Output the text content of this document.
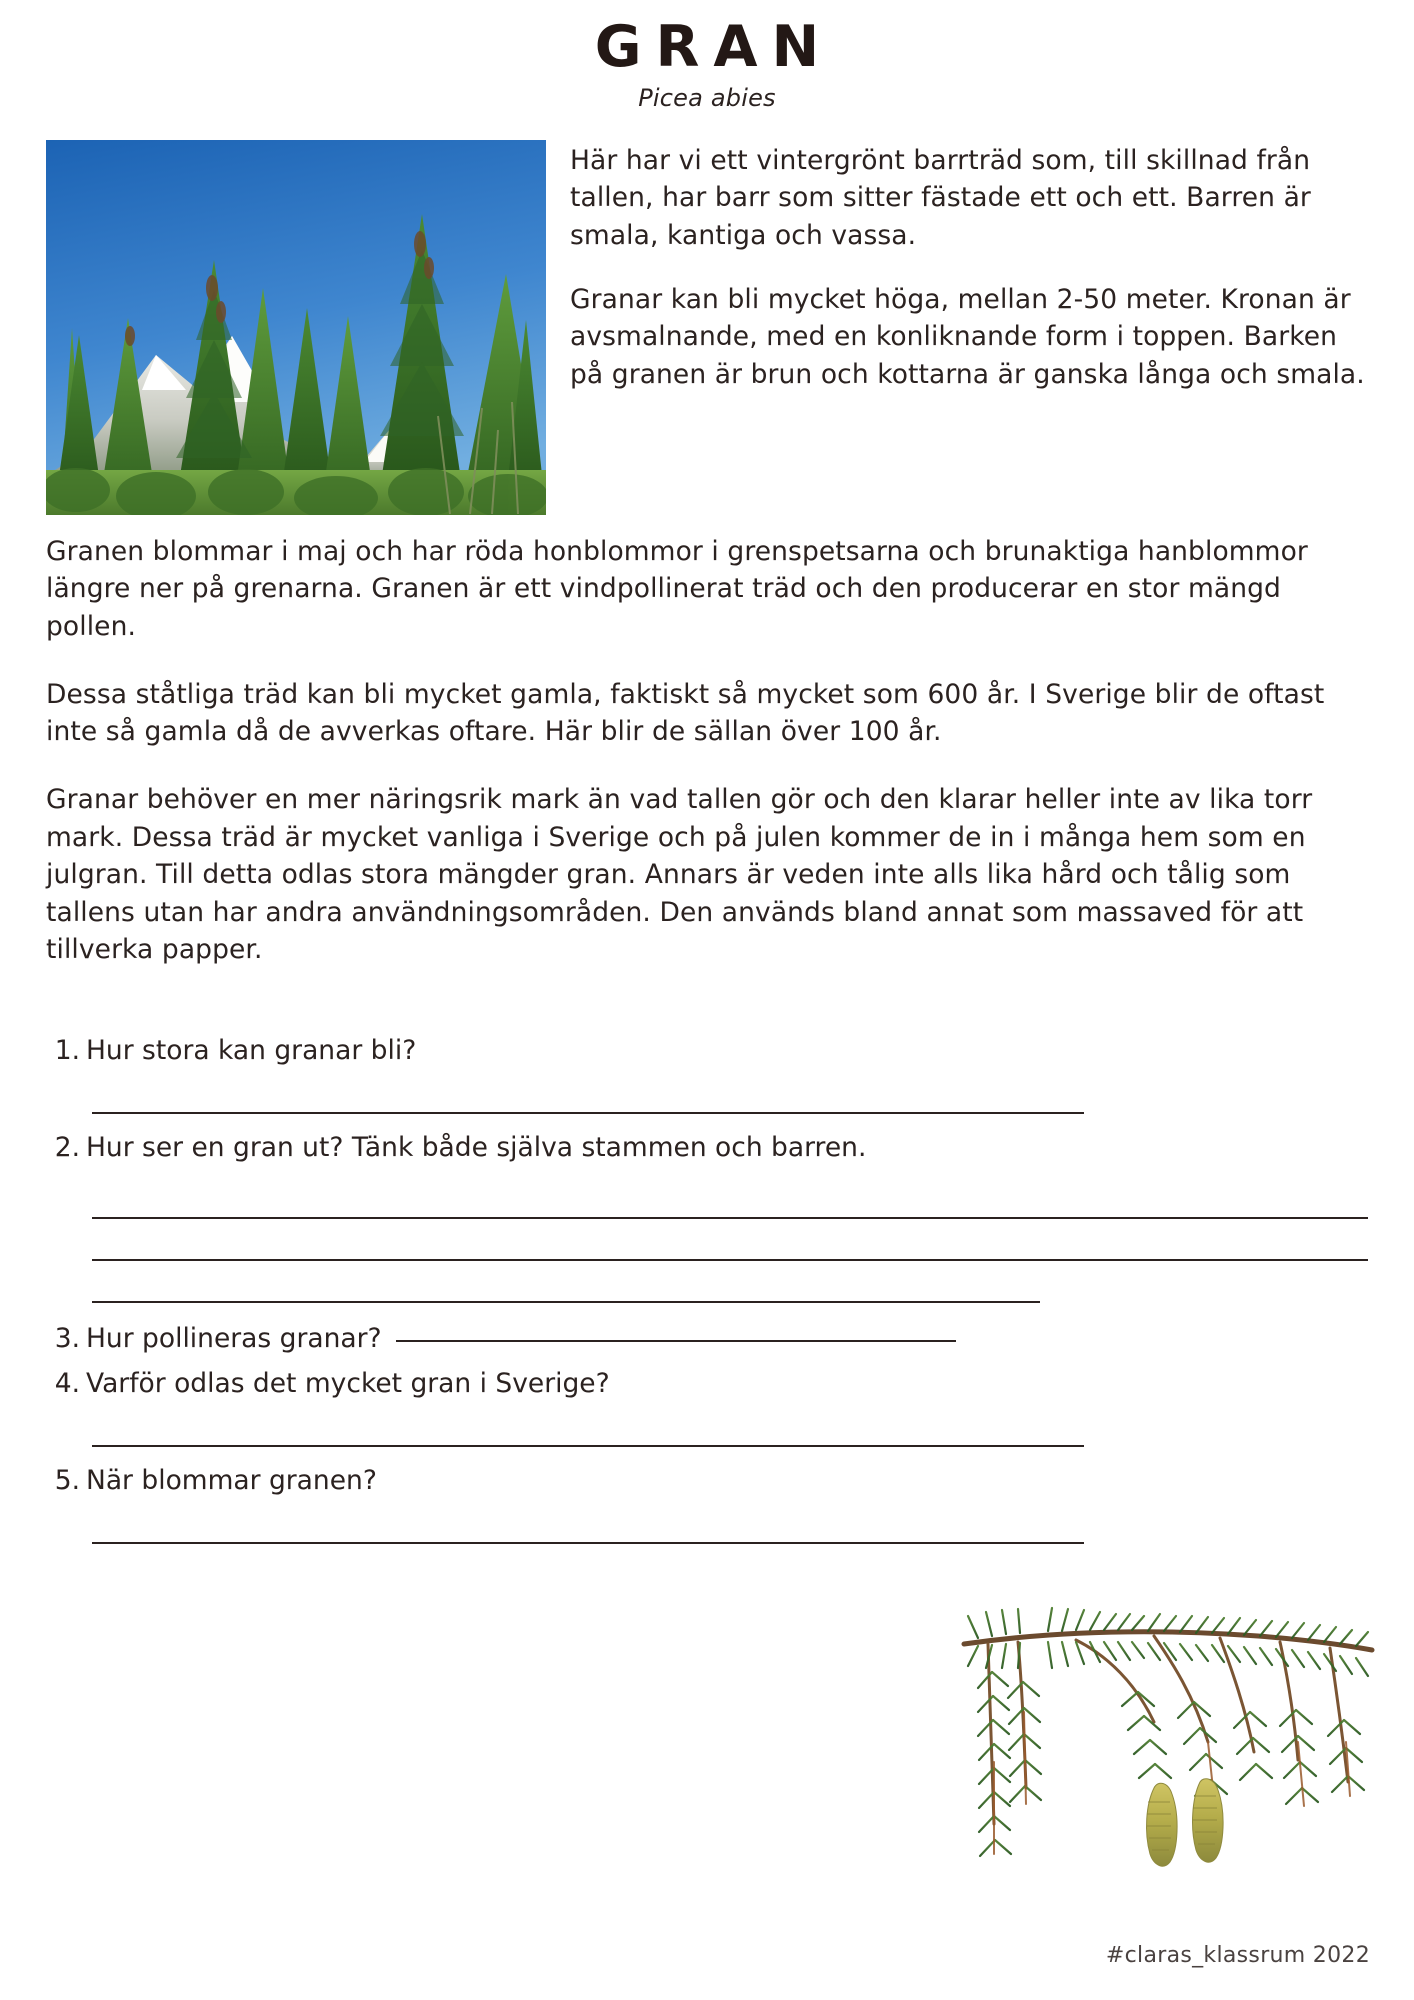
GRAN
Picea abies

Här har vi ett vintergrönt barrträd som, till skillnad från tallen, har barr som sitter fästade ett och ett. Barren är smala, kantiga och vassa.

Granar kan bli mycket höga, mellan 2-50 meter. Kronan är avsmalnande, med en konliknande form i toppen. Barken på granen är brun och kottarna är ganska långa och smala.

Granen blommar i maj och har röda honblommor i grenspetsarna och brunaktiga hanblommor längre ner på grenarna. Granen är ett vindpollinerat träd och den producerar en stor mängd pollen.

Dessa ståtliga träd kan bli mycket gamla, faktiskt så mycket som 600 år. I Sverige blir de oftast inte så gamla då de avverkas oftare. Här blir de sällan över 100 år.

Granar behöver en mer näringsrik mark än vad tallen gör och den klarar heller inte av lika torr mark. Dessa träd är mycket vanliga i Sverige och på julen kommer de in i många hem som en julgran. Till detta odlas stora mängder gran. Annars är veden inte alls lika hård och tålig som tallens utan har andra användningsområden. Den används bland annat som massaved för att tillverka papper.

1. Hur stora kan granar bli?
2. Hur ser en gran ut? Tänk både själva stammen och barren.
3. Hur pollineras granar?
4. Varför odlas det mycket gran i Sverige?
5. När blommar granen?
#claras_klassrum 2022
